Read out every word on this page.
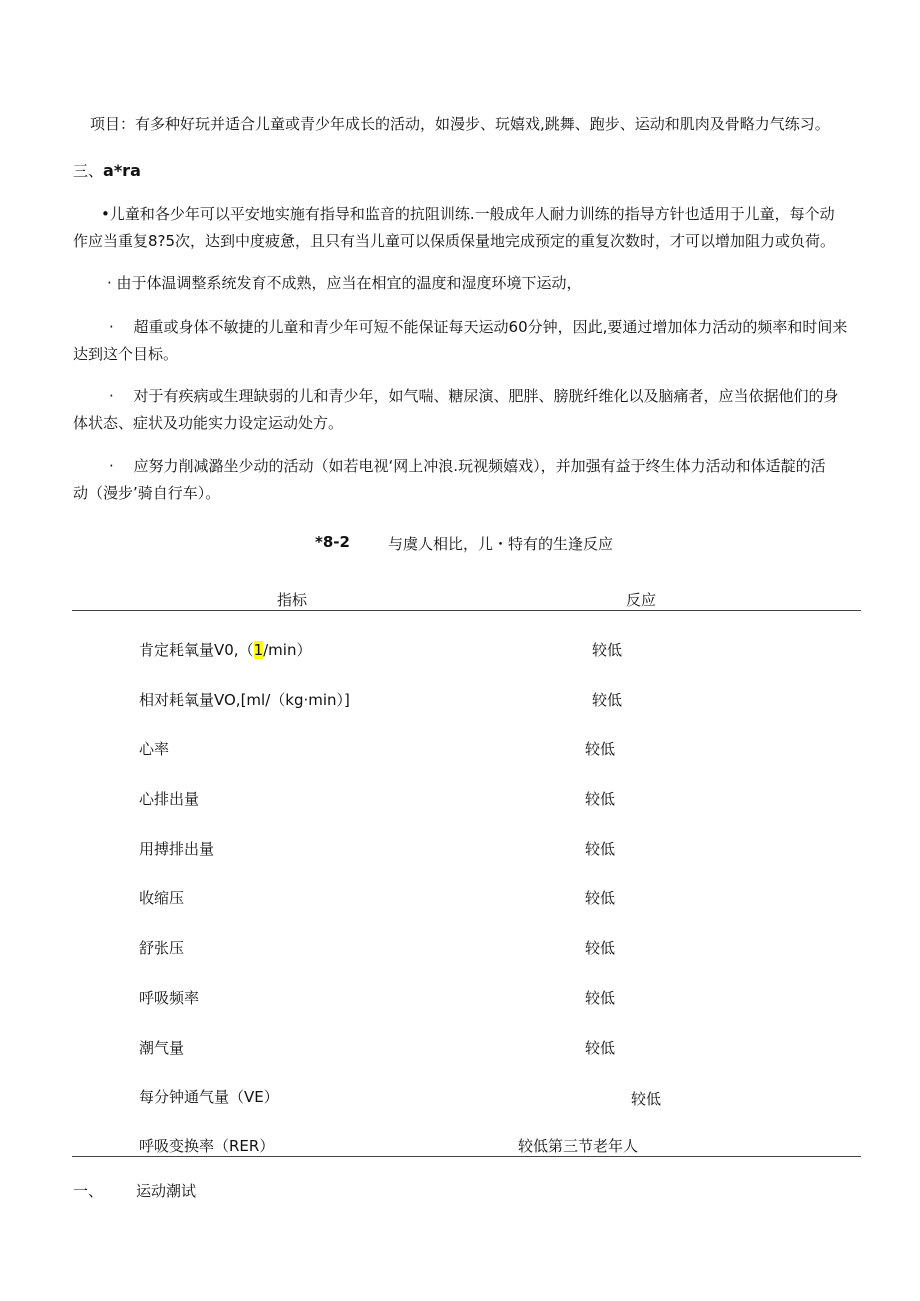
项目：有多种好玩并适合儿童或青少年成长的活动，如漫步、玩嬉戏,跳舞、跑步、运动和肌肉及骨略力气练习。
三、a*ra
•儿童和各少年可以平安地实施有指导和监音的抗阻训练.一般成年人耐力训练的指导方针也适用于儿童，每个动
作应当重复8?5次，达到中度疲惫，且只有当儿童可以保质保量地完成预定的重复次数时，才可以增加阻力或负荷。
· 由于体温调整系统发育不成熟，应当在相宜的温度和湿度环境下运动，
·　 超重或身体不敏捷的儿童和青少年可短不能保证每天运动60分钟，因此,要通过增加体力活动的频率和时间来
达到这个目标。
·　 对于有疾病或生理缺弱的儿和青少年，如气喘、糖尿演、肥胖、膀胱纤维化以及脑痛者，应当依据他们的身
体状态、症状及功能实力设定运动处方。
·　 应努力削减潞坐少动的活动（如若电视‘网上冲浪.玩视频嬉戏），并加强有益于终生体力活动和体适靛的活
动（漫步’骑自行车）。
*8-2	与虞人相比，儿・特有的生逢反应
指标	反应
肯定耗氧量V0,（1/min）	较低
相对耗氧量VO,[ml/（kg·min）]	较低
心率	较低
心排出量	较低
用搏排出量	较低
收缩压	较低
舒张压	较低
呼吸频率	较低
潮气量	较低
每分钟通气量（VE）	较低
呼吸变换率（RER）	较低第三节老年人
一、 运动潮试
